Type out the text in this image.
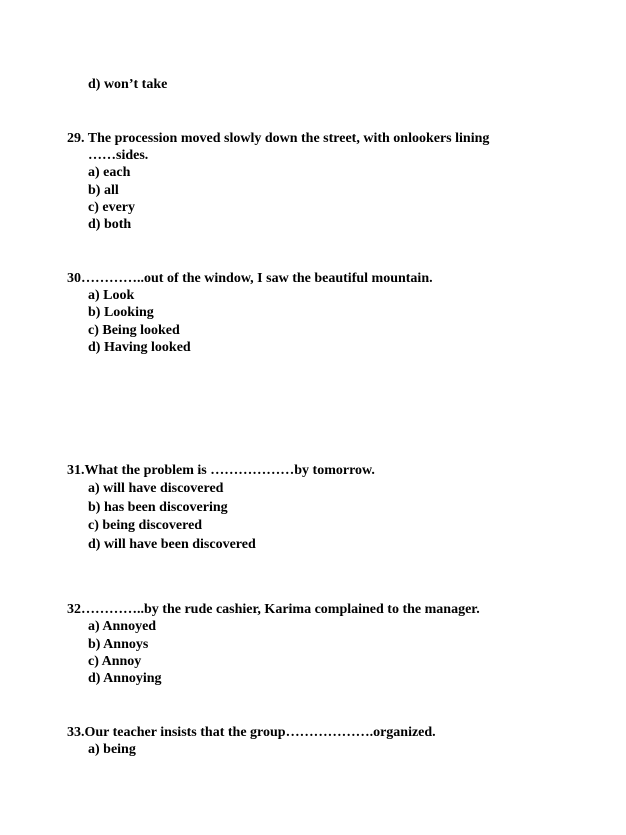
d) won’t take
29. The procession moved slowly down the street, with onlookers lining
……sides.
a) each
b) all
c) every
d) both
30…………..out of the window, I saw the beautiful mountain.
a) Look
b) Looking
c) Being looked
d) Having looked
31.What the problem is ………………by tomorrow.
a) will have discovered
b) has been discovering
c) being discovered
d) will have been discovered
32…………..by the rude cashier, Karima complained to the manager.
a) Annoyed
b) Annoys
c) Annoy
d) Annoying
33.Our teacher insists that the group……………….organized.
a) being
